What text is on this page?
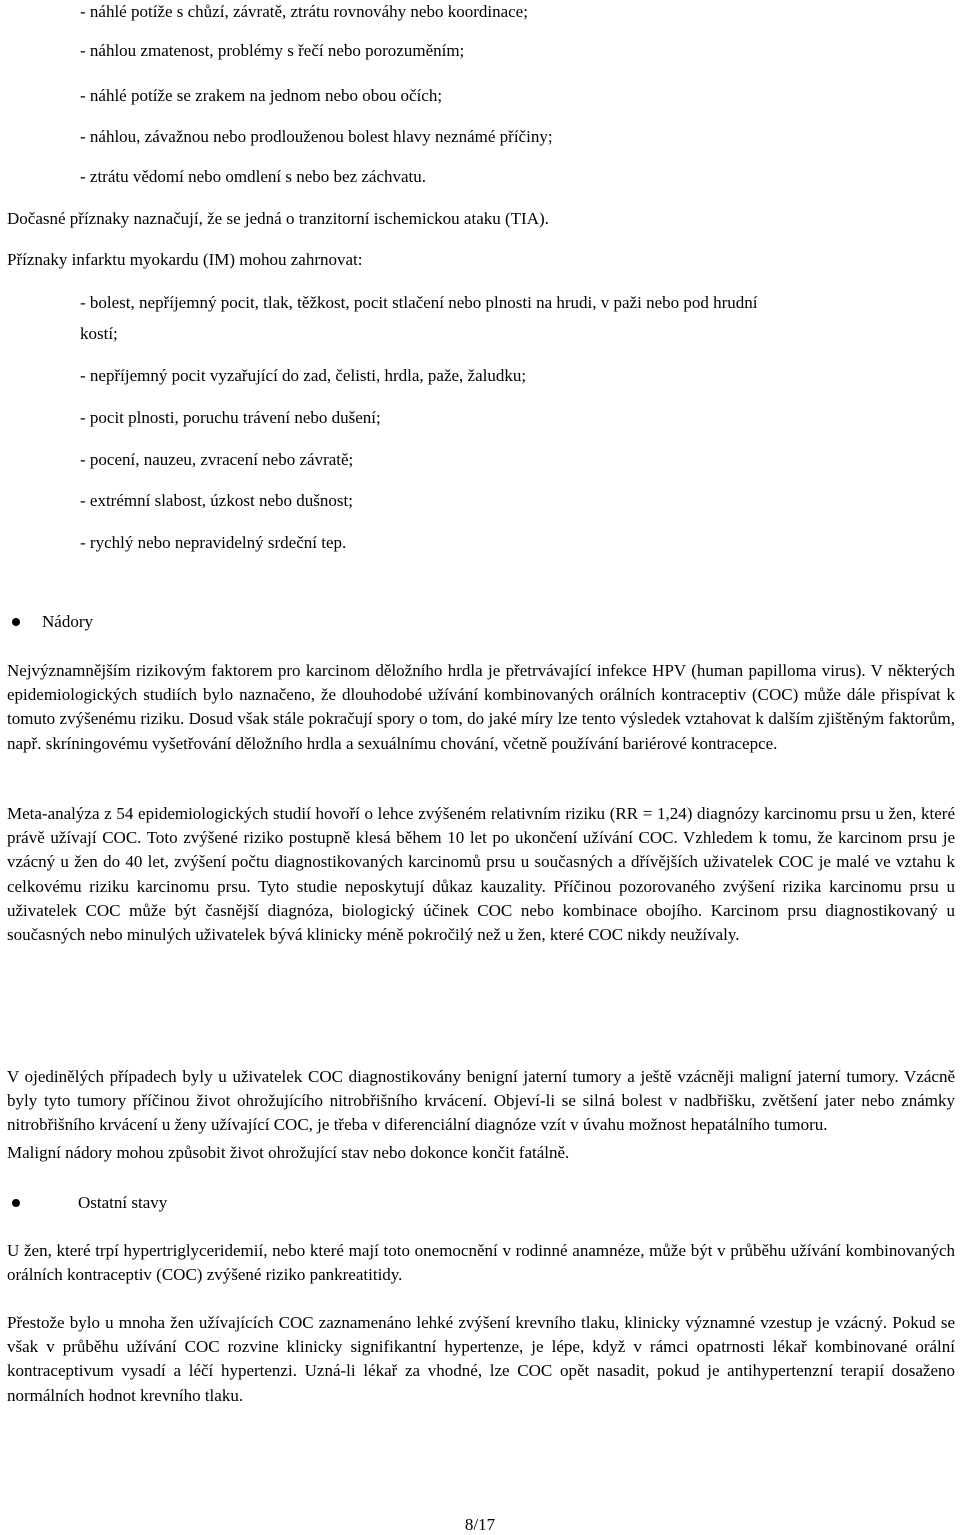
- náhlé potíže s chůzí, závratě, ztrátu rovnováhy nebo koordinace;
- náhlou zmatenost, problémy s řečí nebo porozuměním;
- náhlé potíže se zrakem na jednom nebo obou očích;
- náhlou, závažnou nebo prodlouženou bolest hlavy neznámé příčiny;
- ztrátu vědomí nebo omdlení s nebo bez záchvatu.
Dočasné příznaky naznačují, že se jedná o tranzitorní ischemickou ataku (TIA).
Příznaky infarktu myokardu (IM) mohou zahrnovat:
- bolest, nepříjemný pocit, tlak, těžkost, pocit stlačení nebo plnosti na hrudi, v paži nebo pod hrudní
kostí;
- nepříjemný pocit vyzařující do zad, čelisti, hrdla, paže, žaludku;
- pocit plnosti, poruchu trávení nebo dušení;
- pocení, nauzeu, zvracení nebo závratě;
- extrémní slabost, úzkost nebo dušnost;
- rychlý nebo nepravidelný srdeční tep.
Nádory
Nejvýznamnějším rizikovým faktorem pro karcinom děložního hrdla je přetrvávající infekce HPV (human papilloma virus). V některých epidemiologických studiích bylo naznačeno, že dlouhodobé užívání kombinovaných orálních kontraceptiv (COC) může dále přispívat k tomuto zvýšenému riziku. Dosud však stále pokračují spory o tom, do jaké míry lze tento výsledek vztahovat k dalším zjištěným faktorům, např. skríningovému vyšetřování děložního hrdla a sexuálnímu chování, včetně používání bariérové kontracepce.
Meta-analýza z 54 epidemiologických studií hovoří o lehce zvýšeném relativním riziku (RR = 1,24) diagnózy karcinomu prsu u žen, které právě užívají COC. Toto zvýšené riziko postupně klesá během 10 let po ukončení užívání COC. Vzhledem k tomu, že karcinom prsu je vzácný u žen do 40 let, zvýšení počtu diagnostikovaných karcinomů prsu u současných a dřívějších uživatelek COC je malé ve vztahu k celkovému riziku karcinomu prsu. Tyto studie neposkytují důkaz kauzality. Příčinou pozorovaného zvýšení rizika karcinomu prsu u uživatelek COC může být časnější diagnóza, biologický účinek COC nebo kombinace obojího. Karcinom prsu diagnostikovaný u současných nebo minulých uživatelek bývá klinicky méně pokročilý než u žen, které COC nikdy neužívaly.
V ojedinělých případech byly u uživatelek COC diagnostikovány benigní jaterní tumory a ještě vzácněji maligní jaterní tumory. Vzácně byly tyto tumory příčinou život ohrožujícího nitrobřišního krvácení. Objeví-li se silná bolest v nadbřišku, zvětšení jater nebo známky nitrobřišního krvácení u ženy užívající COC, je třeba v diferenciální diagnóze vzít v úvahu možnost hepatálního tumoru.
Maligní nádory mohou způsobit život ohrožující stav nebo dokonce končit fatálně.
Ostatní stavy
U žen, které trpí hypertriglyceridemií, nebo které mají toto onemocnění v rodinné anamnéze, může být v průběhu užívání kombinovaných orálních kontraceptiv (COC) zvýšené riziko pankreatitidy.
Přestože bylo u mnoha žen užívajících COC zaznamenáno lehké zvýšení krevního tlaku, klinicky významné vzestup je vzácný. Pokud se však v průběhu užívání COC rozvine klinicky signifikantní hypertenze, je lépe, když v rámci opatrnosti lékař kombinované orální kontraceptivum vysadí a léčí hypertenzi. Uzná-li lékař za vhodné, lze COC opět nasadit, pokud je antihypertenzní terapií dosaženo normálních hodnot krevního tlaku.
8/17
